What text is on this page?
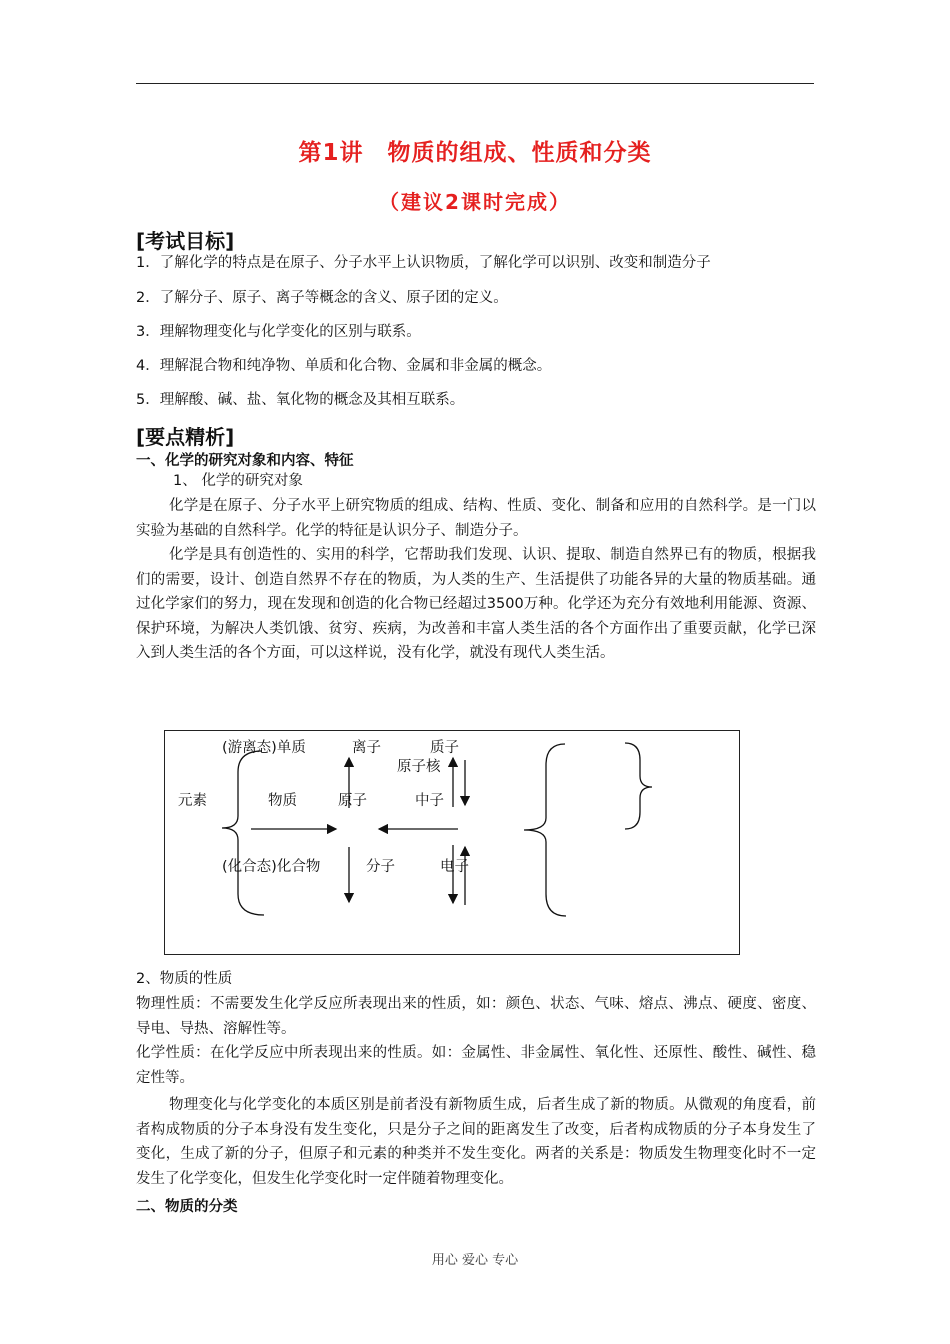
第1讲　物质的组成、性质和分类
（建议2课时完成）
[考试目标]
1．了解化学的特点是在原子、分子水平上认识物质，了解化学可以识别、改变和制造分子
2．了解分子、原子、离子等概念的含义、原子团的定义。
3．理解物理变化与化学变化的区别与联系。
4．理解混合物和纯净物、单质和化合物、金属和非金属的概念。
5．理解酸、碱、盐、氧化物的概念及其相互联系。
[要点精析]
一、化学的研究对象和内容、特征
1、 化学的研究对象
化学是在原子、分子水平上研究物质的组成、结构、性质、变化、制备和应用的自然科学。是一门以实验为基础的自然科学。化学的特征是认识分子、制造分子。
化学是具有创造性的、实用的科学，它帮助我们发现、认识、提取、制造自然界已有的物质，根据我们的需要，设计、创造自然界不存在的物质，为人类的生产、生活提供了功能各异的大量的物质基础。通过化学家们的努力，现在发现和创造的化合物已经超过3500万种。化学还为充分有效地利用能源、资源、保护环境，为解决人类饥饿、贫穷、疾病，为改善和丰富人类生活的各个方面作出了重要贡献，化学已深入到人类生活的各个方面，可以这样说，没有化学，就没有现代人类生活。
(游离态)单质	离子	质子
原子核
元素	物质	原子	中子
(化合态)化合物	分子	电子
2、物质的性质
物理性质：不需要发生化学反应所表现出来的性质，如：颜色、状态、气味、熔点、沸点、硬度、密度、导电、导热、溶解性等。
化学性质：在化学反应中所表现出来的性质。如：金属性、非金属性、氧化性、还原性、酸性、碱性、稳定性等。
物理变化与化学变化的本质区别是前者没有新物质生成，后者生成了新的物质。从微观的角度看，前者构成物质的分子本身没有发生变化，只是分子之间的距离发生了改变，后者构成物质的分子本身发生了变化，生成了新的分子，但原子和元素的种类并不发生变化。两者的关系是：物质发生物理变化时不一定发生了化学变化，但发生化学变化时一定伴随着物理变化。
二、物质的分类
用心 爱心 专心
